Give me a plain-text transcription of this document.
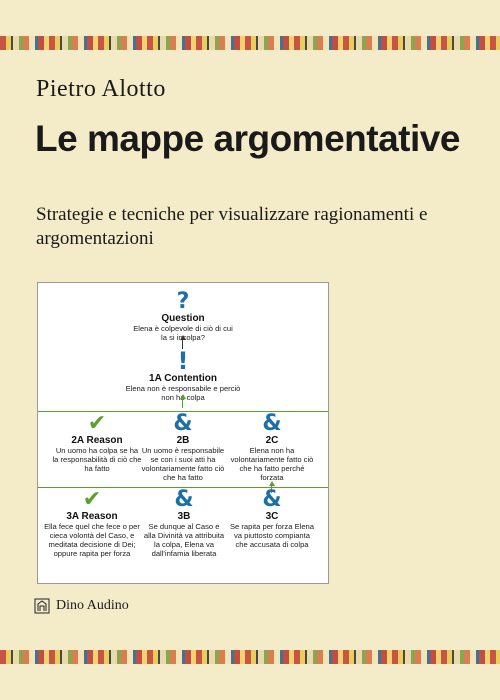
Pietro Alotto
Le mappe argomentative
Strategie e tecniche per visualizzare ragionamenti e argomentazioni
?
Question
Elena è colpevole di ciò di cui la si incolpa?
!
1A Contention
Elena non è responsabile e perciò non ha colpa
✔
2A Reason
Un uomo ha colpa se ha la responsabilità di ciò che ha fatto
&
2B
Un uomo è responsabile se con i suoi atti ha volontariamente fatto ciò che ha fatto
&
2C
Elena non ha volontariamente fatto ciò che ha fatto perché forzata
✔
3A Reason
Ella fece quel che fece o per cieca volontà del Caso, e meditata decisione di Dei; oppure rapita per forza
&
3B
Se dunque al Caso e alla Divinità va attribuita la colpa, Elena va dall'infamia liberata
&
3C
Se rapita per forza Elena va piuttosto compianta che accusata di colpa
Dino Audino
